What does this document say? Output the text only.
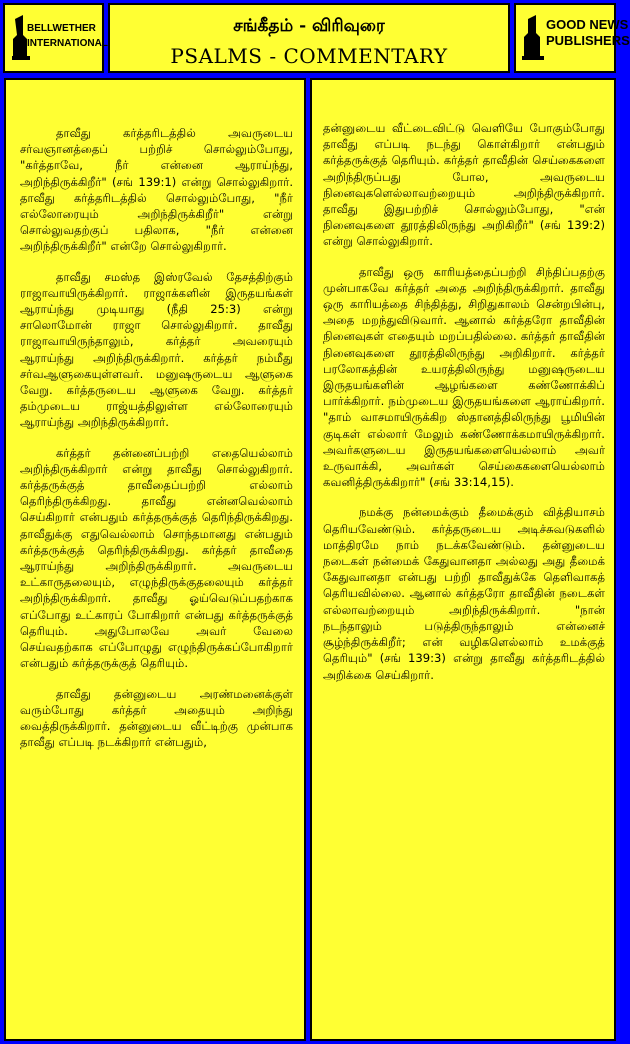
BELLWETHER
INTERNATIONAL
சங்கீதம் - விரிவுரை
PSALMS - COMMENTARY
GOOD NEWS
PUBLISHERS

தாவீது கர்த்தரிடத்தில் அவருடைய சர்வஞானத்தைப் பற்றிச் சொல்லும்போது, "கர்த்தாவே, நீர் என்னை ஆராய்ந்து, அறிந்திருக்கிறீர்" (சங் 139:1) என்று சொல்லுகிறார். தாவீது கர்த்தரிடத்தில் சொல்லும்போது, "நீர் எல்லோரையும் அறிந்திருக்கிறீர்" என்று சொல்லுவதற்குப் பதிலாக, "நீர் என்னை அறிந்திருக்கிறீர்" என்றே சொல்லுகிறார்.

தாவீது சமஸ்த இஸ்ரவேல் தேசத்திற்கும் ராஜாவாயிருக்கிறார். ராஜாக்களின் இருதயங்கள் ஆராய்ந்து முடியாது (நீதி 25:3) என்று சாலொமோன் ராஜா சொல்லுகிறார். தாவீது ராஜாவாயிருந்தாலும், கர்த்தர் அவரையும் ஆராய்ந்து அறிந்திருக்கிறார். கர்த்தர் நம்மீது சர்வஆளுகையுள்ளவர். மனுஷருடைய ஆளுகை வேறு. கர்த்தருடைய ஆளுகை வேறு. கர்த்தர் தம்முடைய ராஜ்யத்திலுள்ள எல்லோரையும் ஆராய்ந்து அறிந்திருக்கிறார்.

கர்த்தர் தன்னைப்பற்றி எதையெல்லாம் அறிந்திருக்கிறார் என்று தாவீது சொல்லுகிறார். கர்த்தருக்குத் தாவீதைப்பற்றி எல்லாம் தெரிந்திருக்கிறது. தாவீது என்னவெல்லாம் செய்கிறார் என்பதும் கர்த்தருக்குத் தெரிந்திருக்கிறது. தாவீதுக்கு எதுவெல்லாம் சொந்தமானது என்பதும் கர்த்தருக்குத் தெரிந்திருக்கிறது. கர்த்தர் தாவீதை ஆராய்ந்து அறிந்திருக்கிறார். அவருடைய உட்காருதலையும், எழுந்திருக்குதலையும் கர்த்தர் அறிந்திருக்கிறார். தாவீது ஓய்வெடுப்பதற்காக எப்போது உட்காரப் போகிறார் என்பது கர்த்தருக்குத் தெரியும். அதுபோலவே அவர் வேலை செய்வதற்காக எப்போழுது எழுந்திருக்கப்போகிறார் என்பதும் கர்த்தருக்குத் தெரியும்.

தாவீது தன்னுடைய அரண்மனைக்குள் வரும்போது கர்த்தர் அதையும் அறிந்து வைத்திருக்கிறார். தன்னுடைய வீட்டிற்கு முன்பாக தாவீது எப்படி நடக்கிறார் என்பதும்,

தன்னுடைய வீட்டைவிட்டு வெளியே போகும்போது தாவீது எப்படி நடந்து கொள்கிறார் என்பதும் கர்த்தருக்குத் தெரியும். கர்த்தர் தாவீதின் செய்கைகளை அறிந்திருப்பது போல, அவருடைய நினைவுகளெல்லாவற்றையும் அறிந்திருக்கிறார். தாவீது இதுபற்றிச் சொல்லும்போது, "என் நினைவுகளை தூரத்திலிருந்து அறிகிறீர்" (சங் 139:2) என்று சொல்லுகிறார்.

தாவீது ஒரு காரியத்தைப்பற்றி சிந்திப்பதற்கு முன்பாகவே கர்த்தர் அதை அறிந்திருக்கிறார். தாவீது ஒரு காரியத்தை சிந்தித்து, சிறிதுகாலம் சென்றபின்பு, அதை மறந்துவிடுவார். ஆனால் கர்த்தரோ தாவீதின் நினைவுகள் எதையும் மறப்பதில்லை. கர்த்தர் தாவீதின் நினைவுகளை தூரத்திலிருந்து அறிகிறார். கர்த்தர் பரலோகத்தின் உயரத்திலிருந்து மனுஷருடைய இருதயங்களின் ஆழங்களை கண்ணோக்கிப் பார்க்கிறார். நம்முடைய இருதயங்களை ஆராய்கிறார். "தாம் வாசமாயிருக்கிற ஸ்தானத்திலிருந்து பூமியின் குடிகள் எல்லார் மேலும் கண்ணோக்கமாயிருக்கிறார். அவர்களுடைய இருதயங்களையெல்லாம் அவர் உருவாக்கி, அவர்கள் செய்கைகளையெல்லாம் கவனித்திருக்கிறார்" (சங் 33:14,15).

நமக்கு நன்மைக்கும் தீமைக்கும் வித்தியாசம் தெரியவேண்டும். கர்த்தருடைய அடிச்சுவடுகளில் மாத்திரமே நாம் நடக்கவேண்டும். தன்னுடைய நடைகள் நன்மைக் கேதுவானதா அல்லது அது தீமைக் கேதுவானதா என்பது பற்றி தாவீதுக்கே தெளிவாகத் தெரியவில்லை. ஆனால் கர்த்தரோ தாவீதின் நடைகள் எல்லாவற்றையும் அறிந்திருக்கிறார். "நான் நடந்தாலும் படுத்திருந்தாலும் என்னைச் சூழ்ந்திருக்கிறீர்; என் வழிகளெல்லாம் உமக்குத் தெரியும்" (சங் 139:3) என்று தாவீது கர்த்தரிடத்தில் அறிக்கை செய்கிறார்.
